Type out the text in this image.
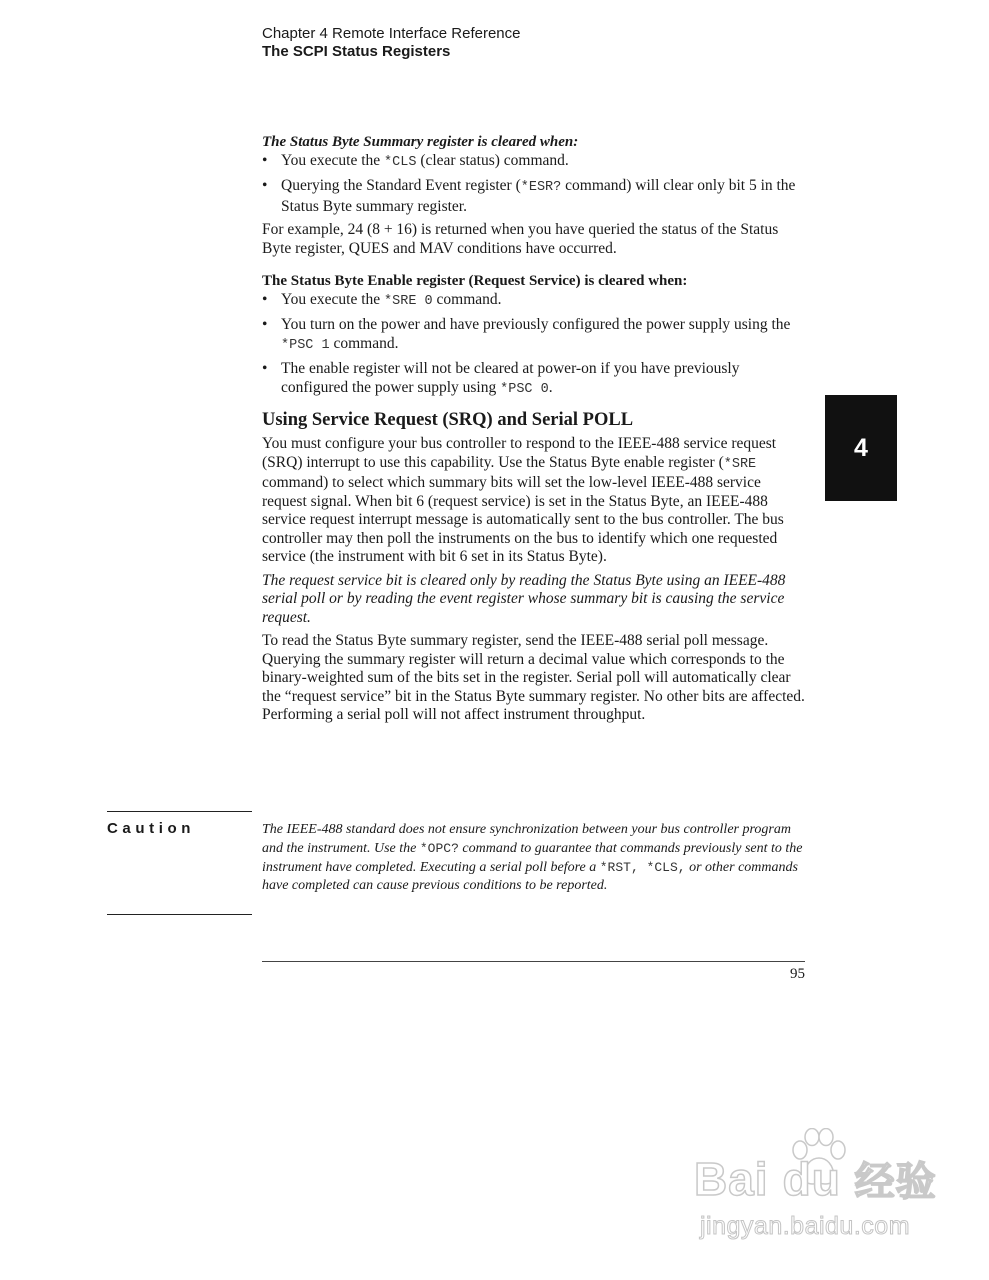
Chapter 4 Remote Interface Reference
The SCPI Status Registers

The Status Byte Summary register is cleared when:

• You execute the *CLS (clear status) command.
• Querying the Standard Event register (*ESR? command) will clear only bit 5 in the Status Byte summary register.

For example, 24 (8 + 16) is returned when you have queried the status of the Status Byte register, QUES and MAV conditions have occurred.

The Status Byte Enable register (Request Service) is cleared when:

• You execute the *SRE 0 command.
• You turn on the power and have previously configured the power supply using the *PSC 1 command.
• The enable register will not be cleared at power-on if you have previously configured the power supply using *PSC 0.
Using Service Request (SRQ) and Serial POLL

You must configure your bus controller to respond to the IEEE-488 service request (SRQ) interrupt to use this capability. Use the Status Byte enable register (*SRE command) to select which summary bits will set the low-level IEEE-488 service request signal. When bit 6 (request service) is set in the Status Byte, an IEEE-488 service request interrupt message is automatically sent to the bus controller. The bus controller may then poll the instruments on the bus to identify which one requested service (the instrument with bit 6 set in its Status Byte).

The request service bit is cleared only by reading the Status Byte using an IEEE-488 serial poll or by reading the event register whose summary bit is causing the service request.

To read the Status Byte summary register, send the IEEE-488 serial poll message. Querying the summary register will return a decimal value which corresponds to the binary-weighted sum of the bits set in the register. Serial poll will automatically clear the “request service” bit in the Status Byte summary register. No other bits are affected. Performing a serial poll will not affect instrument throughput.

4
Caution	The IEEE-488 standard does not ensure synchronization between your bus controller program and the instrument. Use the *OPC? command to guarantee that commands previously sent to the instrument have completed. Executing a serial poll before a *RST, *CLS, or other commands have completed can cause previous conditions to be reported.
95
Bai du 经验
jingyan.baidu.com
